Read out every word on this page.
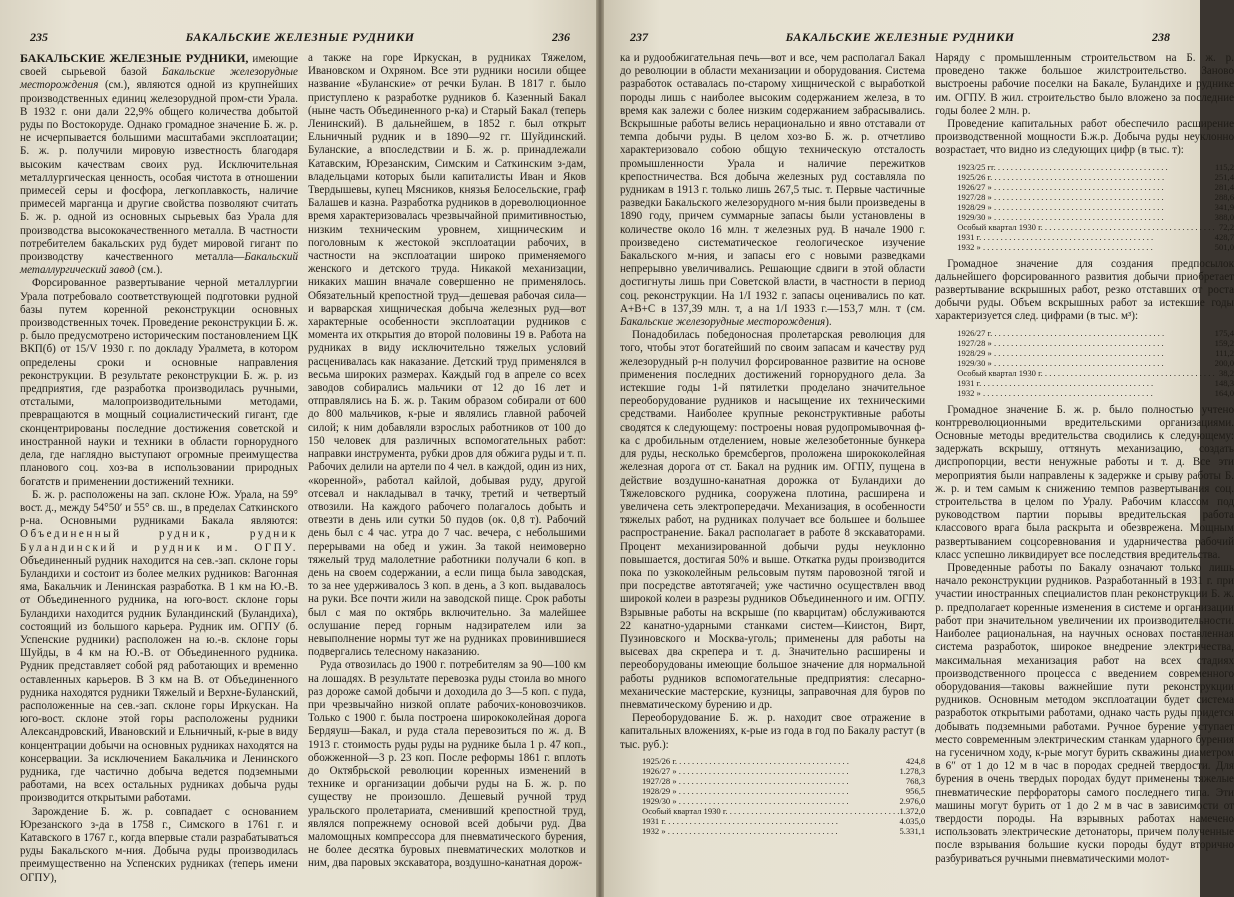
235	БАКАЛЬСКИЕ ЖЕЛЕЗНЫЕ РУДНИКИ	236

БАКАЛЬСКИЕ ЖЕЛЕЗНЫЕ РУДНИКИ, имеющие своей сырьевой базой Бакальские железорудные месторождения (см.), являются одной из крупнейших производственных единиц железорудной пром-сти Урала. В 1932 г. они дали 22,9% общего количества добытой руды по Востокоруде. Однако громадное значение Б. ж. р. не исчерпывается большими масштабами эксплоатации; Б. ж. р. получили мировую известность благодаря высоким качествам своих руд. Исключительная металлургическая ценность, особая чистота в отношении примесей серы и фосфора, легкоплавкость, наличие примесей марганца и другие свойства позволяют считать Б. ж. р. одной из основных сырьевых баз Урала для производства высококачественного металла. В частности потребителем бакальских руд будет мировой гигант по производству качественного металла—Бакальский металлургический завод (см.).

Форсированное развертывание черной металлургии Урала потребовало соответствующей подготовки рудной базы путем коренной реконструкции основных производственных точек. Проведение реконструкции Б. ж. р. было предусмотрено историческим постановлением ЦК ВКП(б) от 15/V 1930 г. по докладу Уралмета, в котором определены сроки и основные направления реконструкции. В результате реконструкции Б. ж. р. из предприятия, где разработка производилась ручными, отсталыми, малопроизводительными методами, превращаются в мощный социалистический гигант, где сконцентрированы последние достижения советской и иностранной науки и техники в области горнорудного дела, где наглядно выступают огромные преимущества планового соц. хоз-ва в использовании природных богатств и применении достижений техники.

Б. ж. р. расположены на зап. склоне Юж. Урала, на 59° вост. д., между 54°50′ и 55° св. ш., в пределах Саткинского р-на. Основными рудниками Бакала являются: Объединенный рудник, рудник Буландинский и рудник им. ОГПУ. Объединенный рудник находится на сев.-зап. склоне горы Буландихи и состоит из более мелких рудников: Вагонная яма, Бакальчик и Ленинская разработка. В 1 км на Ю.-В. от Объединенного рудника, на юго-вост. склоне горы Буландихи находится рудник Буландинский (Буландиха), состоящий из большого карьера. Рудник им. ОГПУ (б. Успенские рудники) расположен на ю.-в. склоне горы Шуйды, в 4 км на Ю.-В. от Объединенного рудника. Рудник представляет собой ряд работающих и временно оставленных карьеров. В 3 км на В. от Объединенного рудника находятся рудники Тяжелый и Верхне-Буланский, расположенные на сев.-зап. склоне горы Иркускан. На юго-вост. склоне этой горы расположены рудники Александровский, Ивановский и Ельничный, к-рые в виду концентрации добычи на основных рудниках находятся на консервации. За исключением Бакальчика и Ленинского рудника, где частично добыча ведется подземными работами, на всех остальных рудниках добыча руды производится открытыми работами.

Зарождение Б. ж. р. совпадает с основанием Юрезанского з-да в 1758 г., Симского в 1761 г. и Катавского в 1767 г., когда впервые стали разрабатываться руды Бакальского м-ния. Добыча руды производилась преимущественно на Успенских рудниках (теперь имени ОГПУ),

а также на горе Иркускан, в рудниках Тяжелом, Ивановском и Охряном. Все эти рудники носили общее название «Буланские» от речки Булан. В 1817 г. было приступлено к разработке рудников б. Казенный Бакал (ныне часть Объединенного р-ка) и Старый Бакал (теперь Ленинский). В дальнейшем, в 1852 г. был открыт Ельничный рудник и в 1890—92 гг. Шуйдинский. Буланские, а впоследствии и Б. ж. р. принадлежали Катавским, Юрезанским, Симским и Саткинским з-дам, владельцами которых были капиталисты Иван и Яков Твердышевы, купец Мясников, князья Белосельские, граф Балашев и казна. Разработка рудников в дореволюционное время характеризовалась чрезвычайной примитивностью, низким техническим уровнем, хищническим и поголовным к жестокой эксплоатации рабочих, в частности на эксплоатации широко применяемого женского и детского труда. Никакой механизации, никаких машин вначале совершенно не применялось. Обязательный крепостной труд—дешевая рабочая сила—и варварская хищническая добыча железных руд—вот характерные особенности эксплоатации рудников с момента их открытия до второй половины 19 в. Работа на рудниках в виду исключительно тяжелых условий расценивалась как наказание. Детский труд применялся в весьма широких размерах. Каждый год в апреле со всех заводов собирались мальчики от 12 до 16 лет и отправлялись на Б. ж. р. Таким образом собирали от 600 до 800 мальчиков, к-рые и являлись главной рабочей силой; к ним добавляли взрослых работников от 100 до 150 человек для различных вспомогательных работ: направки инструмента, рубки дров для обжига руды и т. п. Рабочих делили на артели по 4 чел. в каждой, один из них, «коренной», работал кайлой, добывая руду, другой отсевал и накладывал в тачку, третий и четвертый отвозили. На каждого рабочего полагалось добыть и отвезти в день или сутки 50 пудов (ок. 0,8 т). Рабочий день был с 4 час. утра до 7 час. вечера, с небольшими перерывами на обед и ужин. За такой неимоверно тяжелый труд малолетние работники получали 6 коп. в день на своем содержании, а если пища была заводская, то за нее удерживалось 3 коп. в день, а 3 коп. выдавалось на руки. Все почти жили на заводской пище. Срок работы был с мая по октябрь включительно. За малейшее ослушание перед горным надзирателем или за невыполнение нормы тут же на рудниках провинившиеся подвергались телесному наказанию.

Руда отвозилась до 1900 г. потребителям за 90—100 км на лошадях. В результате перевозка руды стоила во много раз дороже самой добычи и доходила до 3—5 коп. с пуда, при чрезвычайно низкой оплате рабочих-коновозчиков. Только с 1900 г. была построена ширококолейная дорога Бердяуш—Бакал, и руда стала перевозиться по ж. д. В 1913 г. стоимость руды руды на руднике была 1 р. 47 коп., обожженной—3 р. 23 коп. После реформы 1861 г. вплоть до Октябрьской революции коренных изменений в технике и организации добычи руды на Б. ж. р. по существу не произошло. Дешевый ручной труд уральского пролетариата, сменивший крепостной труд, являлся попрежнему основой всей добычи руд. Два маломощных компрессора для пневматического бурения, не более десятка буровых пневматических молотков и ним, два паровых экскаватора, воздушно-канатная дорож-

237	БАКАЛЬСКИЕ ЖЕЛЕЗНЫЕ РУДНИКИ	238

ка и рудообжигательная печь—вот и все, чем располагал Бакал до революции в области механизации и оборудования. Система разработок оставалась по-старому хищнической с выработкой породы лишь с наиболее высоким содержанием железа, в то время как залежи с более низким содержанием забрасывались. Вскрышные работы велись нерационально и явно отставали от темпа добычи руды. В целом хоз-во Б. ж. р. отчетливо характеризовало собою общую техническую отсталость промышленности Урала и наличие пережитков крепостничества. Вся добыча железных руд составляла по рудникам в 1913 г. только лишь 267,5 тыс. т. Первые частичные разведки Бакальского железорудного м-ния были произведены в 1890 году, причем суммарные запасы были установлены в количестве около 16 млн. т железных руд. В начале 1900 г. произведено систематическое геологическое изучение Бакальского м-ния, и запасы его с новыми разведками непрерывно увеличивались. Решающие сдвиги в этой области достигнуты лишь при Советской власти, в частности в период соц. реконструкции. На 1/I 1932 г. запасы оценивались по кат. A+B+C в 137,39 млн. т, а на 1/I 1933 г.—153,7 млн. т (см. Бакальские железорудные месторождения).

Понадобилась победоносная пролетарская революция для того, чтобы этот богатейший по своим запасам и качеству руд железорудный р-н получил форсированное развитие на основе применения последних достижений горнорудного дела. За истекшие годы 1-й пятилетки проделано значительное переоборудование рудников и насыщение их техническими средствами. Наиболее крупные реконструктивные работы сводятся к следующему: построены новая рудопромывочная ф-ка с дробильным отделением, новые железобетонные бункера для руды, несколько бремсбергов, проложена ширококолейная железная дорога от ст. Бакал на рудник им. ОГПУ, пущена в действие воздушно-канатная дорожка от Буландихи до Тяжеловского рудника, сооружена плотина, расширена и увеличена сеть электропередачи. Механизация, в особенности тяжелых работ, на рудниках получает все большее и большее распространение. Бакал располагает в работе 8 экскаваторами. Процент механизированной добычи руды неуклонно повышается, достигая 50% и выше. Откатка руды производится пока по узкоколейным рельсовым путям паровозной тягой и при посредстве автотягачей; уже частично осуществлен ввод широкой колеи в разрезы рудников Объединенного и им. ОГПУ. Взрывные работы на вскрыше (по кварцитам) обслуживаются 22 канатно-ударными станками систем—Киистон, Вирт, Пузиновского и Москва-уголь; применены для работы на высевах два скрепера и т. д. Значительно расширены и переоборудованы имеющие большое значение для нормальной работы рудников вспомогательные предприятия: слесарно-механические мастерские, кузницы, заправочная для буров по пневматическому бурению и др.

Переоборудование Б. ж. р. находит свое отражение в капитальных вложениях, к-рые из года в год по Бакалу растут (в тыс. руб.):

1925/26 г. . . . . . . . . . . . . . . . . . . . . . . . . . . . . . . . . . . . . . . . .	424,8
1926/27 » . . . . . . . . . . . . . . . . . . . . . . . . . . . . . . . . . . . . . . . .	1.278,3
1927/28 » . . . . . . . . . . . . . . . . . . . . . . . . . . . . . . . . . . . . . . . .	768,3
1928/29 » . . . . . . . . . . . . . . . . . . . . . . . . . . . . . . . . . . . . . . . .	956,5
1929/30 » . . . . . . . . . . . . . . . . . . . . . . . . . . . . . . . . . . . . . . . .	2.976,0
Особый квартал 1930 г. . . . . . . . . . . . . . . . . . . . . . . . . . . . . . . . . . . . . . . . .	1.372,0
1931 г. . . . . . . . . . . . . . . . . . . . . . . . . . . . . . . . . . . . . . . . .	4.035,0
1932 » . . . . . . . . . . . . . . . . . . . . . . . . . . . . . . . . . . . . . . . .	5.331,1

Наряду с промышленным строительством на Б. ж. р. проведено также большое жилстроительство. Заново выстроены рабочие поселки на Бакале, Буландихе и руднике им. ОГПУ. В жил. строительство было вложено за последние годы более 2 млн. р.

Проведение капитальных работ обеспечило расширение производственной мощности Б.ж.р. Добыча руды неуклонно возрастает, что видно из следующих цифр (в тыс. т):

1923/25 гг. . . . . . . . . . . . . . . . . . . . . . . . . . . . . . . . . . . . . . . . .	115,2
1925/26 г. . . . . . . . . . . . . . . . . . . . . . . . . . . . . . . . . . . . . . . . .	251,4
1926/27 » . . . . . . . . . . . . . . . . . . . . . . . . . . . . . . . . . . . . . . . .	281,4
1927/28 » . . . . . . . . . . . . . . . . . . . . . . . . . . . . . . . . . . . . . . . .	288,6
1928/29 » . . . . . . . . . . . . . . . . . . . . . . . . . . . . . . . . . . . . . . . .	341,9
1929/30 » . . . . . . . . . . . . . . . . . . . . . . . . . . . . . . . . . . . . . . . .	388,0
Особый квартал 1930 г. . . . . . . . . . . . . . . . . . . . . . . . . . . . . . . . . . . . . . . . .	72,2
1931 г. . . . . . . . . . . . . . . . . . . . . . . . . . . . . . . . . . . . . . . . .	428,7
1932 » . . . . . . . . . . . . . . . . . . . . . . . . . . . . . . . . . . . . . . . .	501,0

Громадное значение для создания предпосылок дальнейшего форсированного развития добычи приобретает развертывание вскрышных работ, резко отставших от роста добычи руды. Объем вскрышных работ за истекшие годы характеризуется след. цифрами (в тыс. м³):

1926/27 г. . . . . . . . . . . . . . . . . . . . . . . . . . . . . . . . . . . . . . . . .	175,4
1927/28 » . . . . . . . . . . . . . . . . . . . . . . . . . . . . . . . . . . . . . . . .	159,2
1928/29 » . . . . . . . . . . . . . . . . . . . . . . . . . . . . . . . . . . . . . . . .	111,2
1929/30 » . . . . . . . . . . . . . . . . . . . . . . . . . . . . . . . . . . . . . . . .	200,0
Особый квартал 1930 г. . . . . . . . . . . . . . . . . . . . . . . . . . . . . . . . . . . . . . . . .	38,2
1931 г. . . . . . . . . . . . . . . . . . . . . . . . . . . . . . . . . . . . . . . . .	148,3
1932 » . . . . . . . . . . . . . . . . . . . . . . . . . . . . . . . . . . . . . . . .	164,0

Громадное значение Б. ж. р. было полностью учтено контрреволюционными вредительскими организациями. Основные методы вредительства сводились к следующему: задержать вскрышу, оттянуть механизацию, создать диспропорции, вести ненужные работы и т. д. Все эти мероприятия были направлены к задержке и срыву работы Б. ж. р. и тем самым к снижению темпов развертывания соц. строительства в целом по Уралу. Рабочим классом под руководством партии порывы вредительская работа классового врага была раскрыта и обезврежена. Мощным развертыванием соцсоревнования и ударничества рабочий класс успешно ликвидирует все последствия вредительства.

Проведенные работы по Бакалу означают только лишь начало реконструкции рудников. Разработанный в 1931 г. при участии иностранных специалистов план реконструкции Б. ж. р. предполагает коренные изменения в системе и организации работ при значительном увеличении их производительности. Наиболее рациональная, на научных основах поставленная система разработок, широкое внедрение электричества, максимальная механизация работ на всех стадиях производственного процесса с введением современного оборудования—таковы важнейшие пути реконструкции рудников. Основным методом эксплоатации будет система разработок открытыми работами, однако часть руды придется добывать подземными работами. Ручное бурение уступает место современным электрическим станкам ударного бурения на гусеничном ходу, к-рые могут бурить скважины диаметром в 6″ от 1 до 12 м в час в породах средней твердости. Для бурения в очень твердых породах будут применены тяжелые пневматические перфораторы самого последнего типа. Эти машины могут бурить от 1 до 2 м в час в зависимости от твердости породы. На взрывных работах намечено использовать электрические детонаторы, причем полученные после взрывания большие куски породы будут вторично разбуриваться ручными пневматическими молот-
